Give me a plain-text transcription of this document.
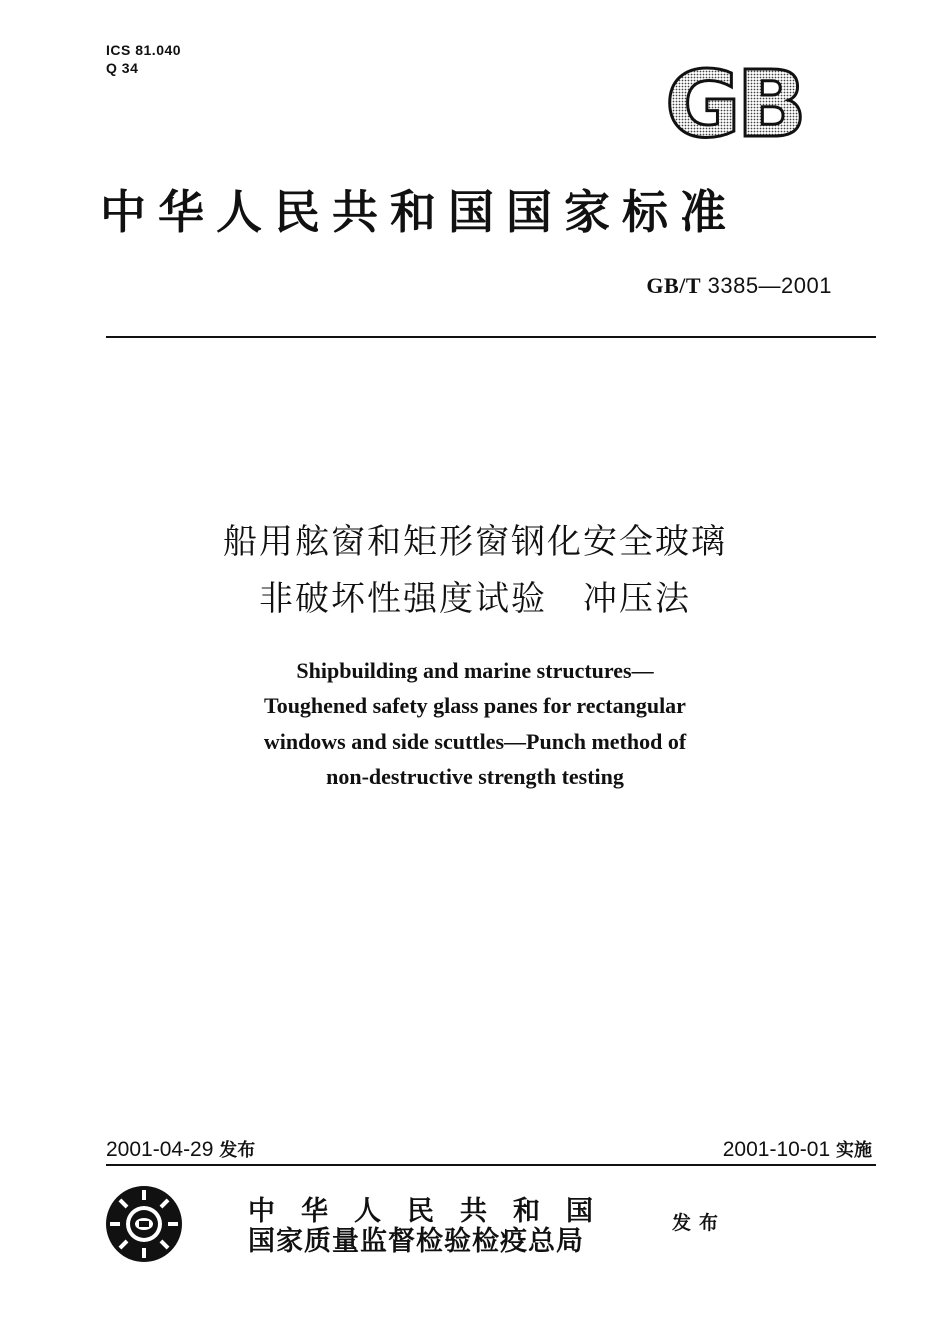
ICS 81.040
Q 34	GB
中华人民共和国国家标准
GB/T 3385—2001
船用舷窗和矩形窗钢化安全玻璃
非破坏性强度试验　冲压法
Shipbuilding and marine structures—
Toughened safety glass panes for rectangular
windows and side scuttles—Punch method of
non-destructive strength testing
2001-04-29 发布	2001-10-01 实施
中华人民共和国
国家质量监督检验检疫总局
发布
